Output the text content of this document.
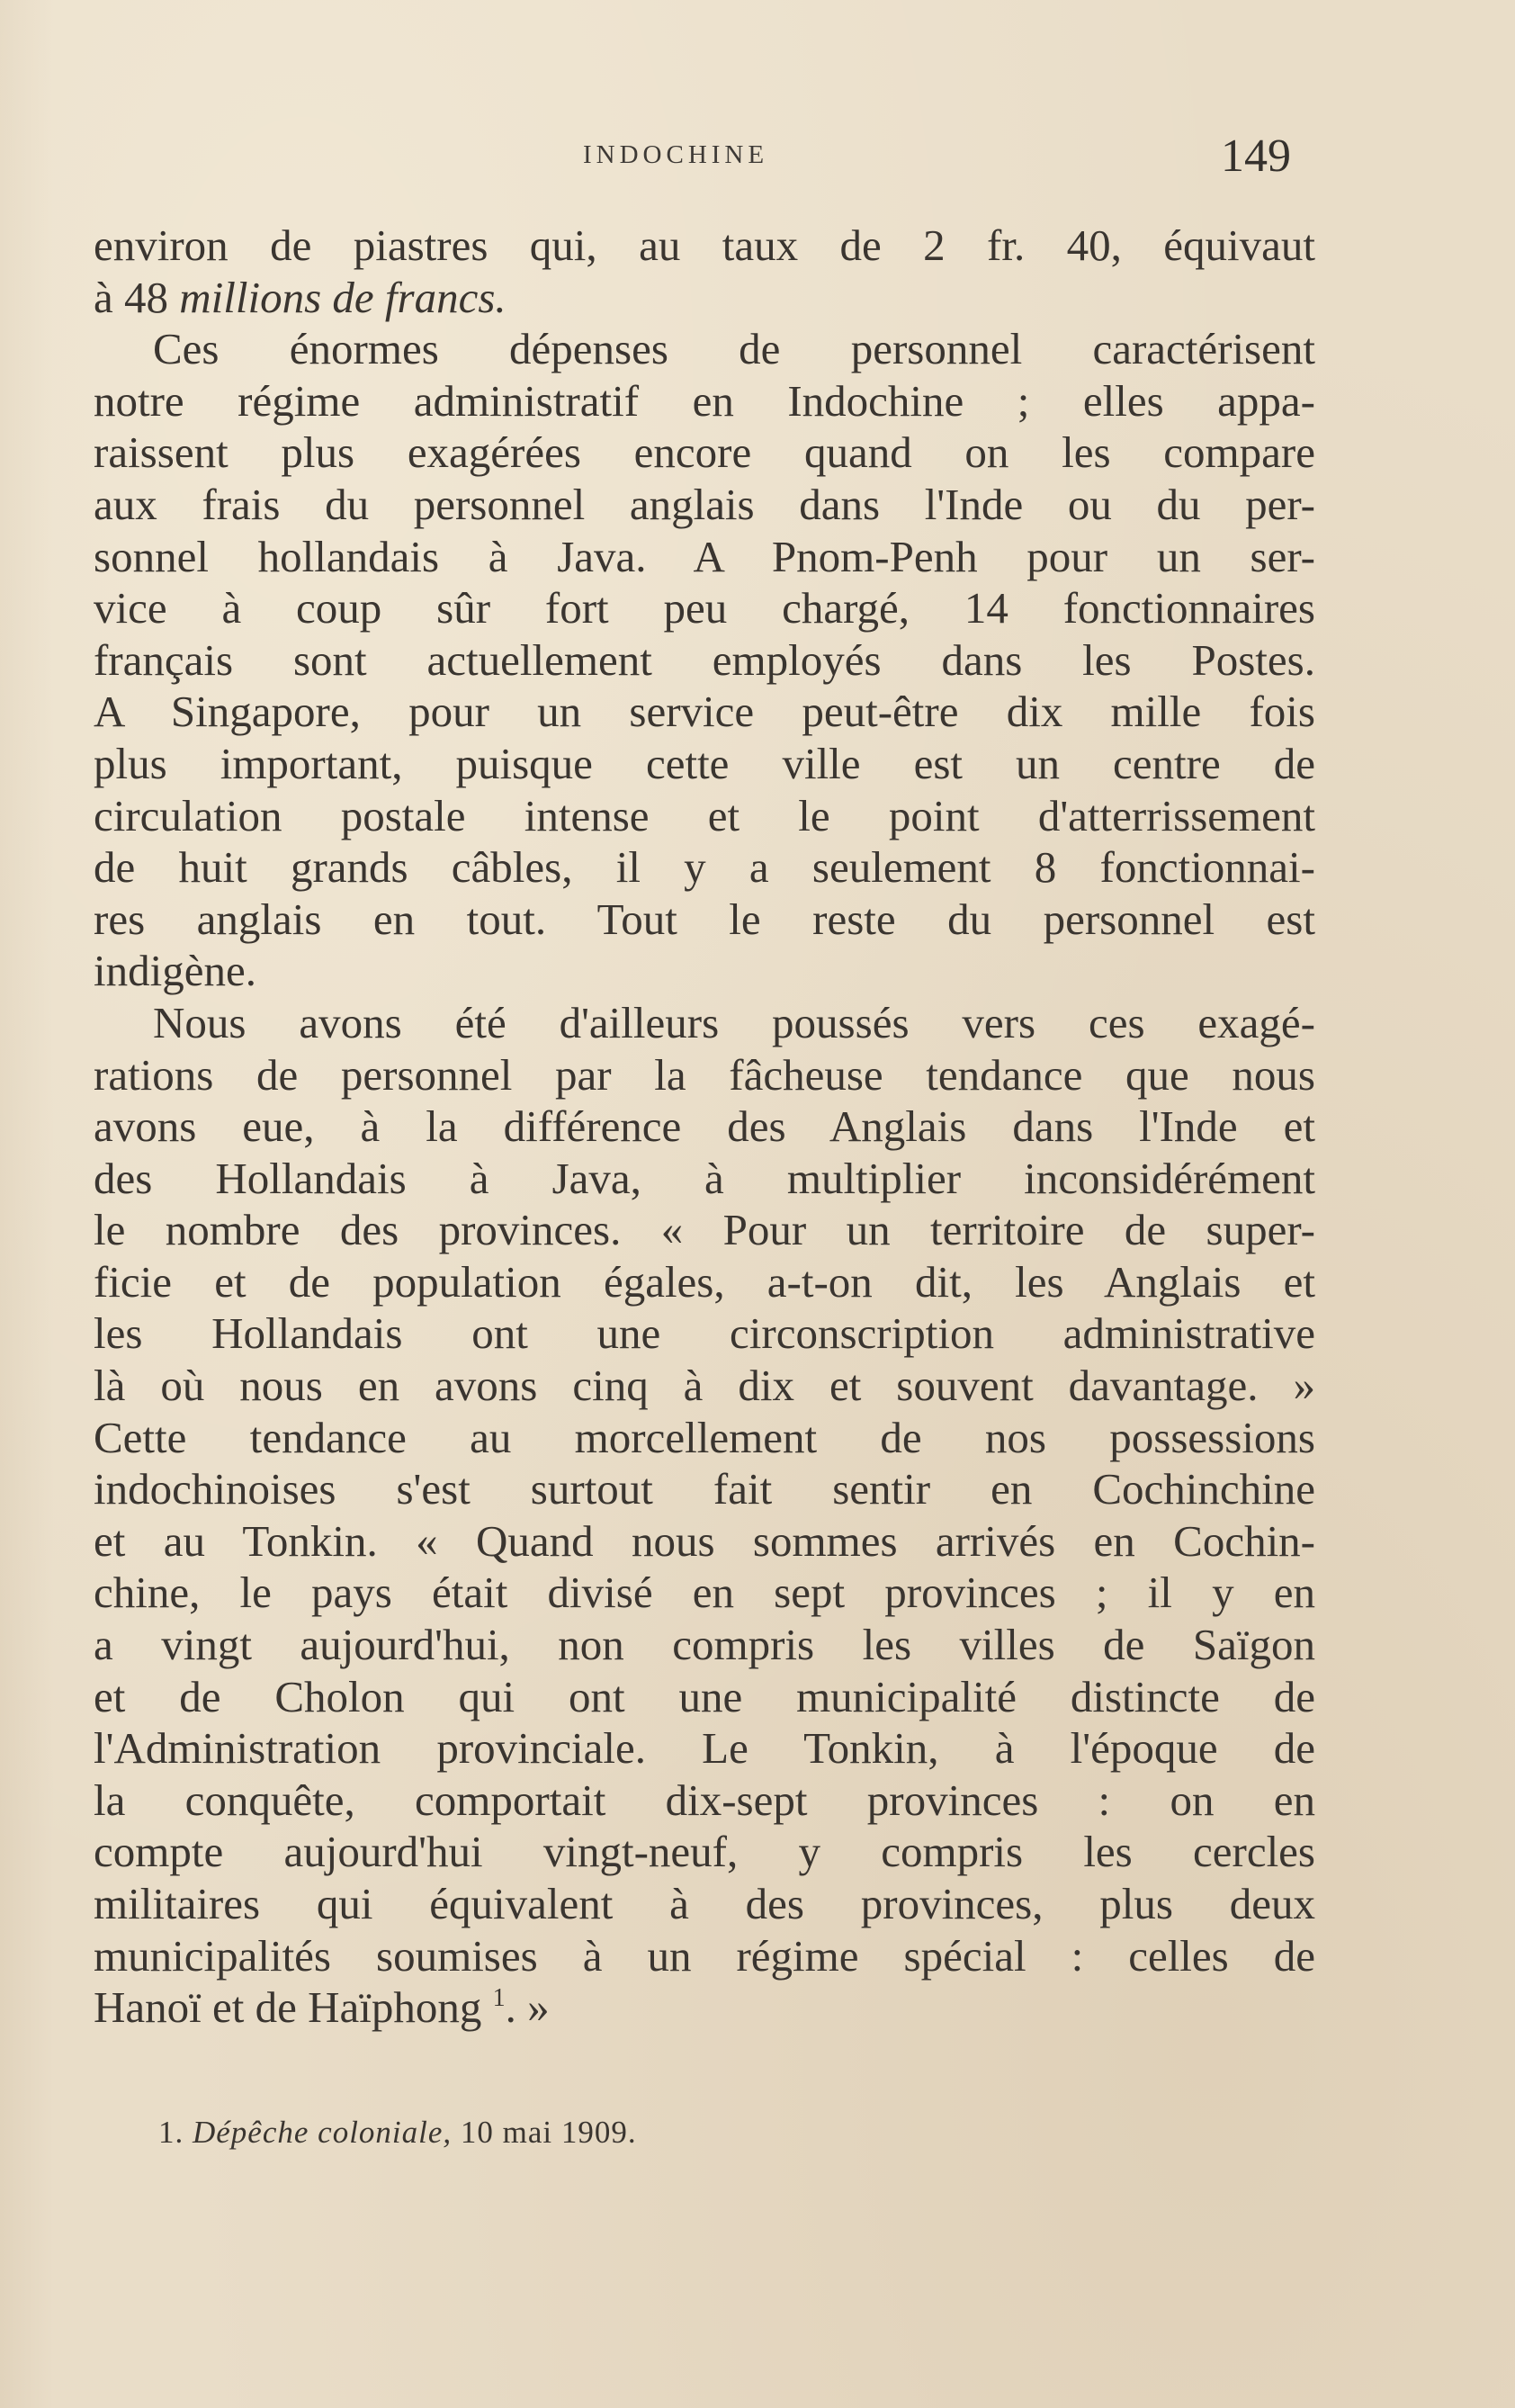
INDOCHINE	149
environ de piastres qui, au taux de 2 fr. 40, équivaut
à 48 millions de francs.
Ces énormes dépenses de personnel caractérisent
notre régime administratif en Indochine ; elles appa-
raissent plus exagérées encore quand on les compare
aux frais du personnel anglais dans l'Inde ou du per-
sonnel hollandais à Java. A Pnom-Penh pour un ser-
vice à coup sûr fort peu chargé, 14 fonctionnaires
français sont actuellement employés dans les Postes.
A Singapore, pour un service peut-être dix mille fois
plus important, puisque cette ville est un centre de
circulation postale intense et le point d'atterrissement
de huit grands câbles, il y a seulement 8 fonctionnai-
res anglais en tout. Tout le reste du personnel est
indigène.
Nous avons été d'ailleurs poussés vers ces exagé-
rations de personnel par la fâcheuse tendance que nous
avons eue, à la différence des Anglais dans l'Inde et
des Hollandais à Java, à multiplier inconsidérément
le nombre des provinces. « Pour un territoire de super-
ficie et de population égales, a-t-on dit, les Anglais et
les Hollandais ont une circonscription administrative
là où nous en avons cinq à dix et souvent davantage. »
Cette tendance au morcellement de nos possessions
indochinoises s'est surtout fait sentir en Cochinchine
et au Tonkin. « Quand nous sommes arrivés en Cochin-
chine, le pays était divisé en sept provinces ; il y en
a vingt aujourd'hui, non compris les villes de Saïgon
et de Cholon qui ont une municipalité distincte de
l'Administration provinciale. Le Tonkin, à l'époque de
la conquête, comportait dix-sept provinces : on en
compte aujourd'hui vingt-neuf, y compris les cercles
militaires qui équivalent à des provinces, plus deux
municipalités soumises à un régime spécial : celles de
Hanoï et de Haïphong $^1$. »
1. Dépêche coloniale, 10 mai 1909.
